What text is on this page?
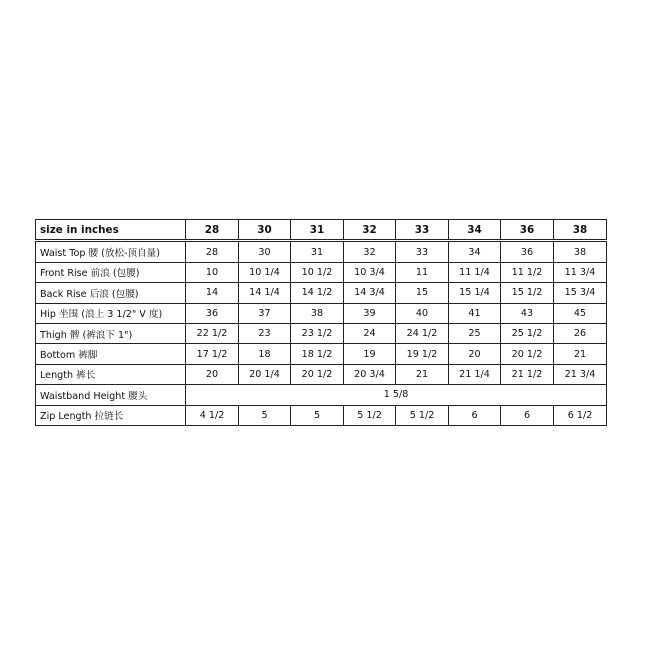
size in inches	28	30	31	32	33	34	36	38
Waist Top 腰 (放松-顶自量)	28	30	31	32	33	34	36	38
Front Rise 前浪 (包腰)	10	10 1/4	10 1/2	10 3/4	11	11 1/4	11 1/2	11 3/4
Back Rise 后浪 (包腰)	14	14 1/4	14 1/2	14 3/4	15	15 1/4	15 1/2	15 3/4
Hip 坐围 (浪上 3 1/2" V 度)	36	37	38	39	40	41	43	45
Thigh 髀 (裤浪下 1")	22 1/2	23	23 1/2	24	24 1/2	25	25 1/2	26
Bottom 裤脚	17 1/2	18	18 1/2	19	19 1/2	20	20 1/2	21
Length 裤长	20	20 1/4	20 1/2	20 3/4	21	21 1/4	21 1/2	21 3/4
Waistband Height 腰头	1 5/8							
Zip Length 拉链长	4 1/2	5	5	5 1/2	5 1/2	6	6	6 1/2
